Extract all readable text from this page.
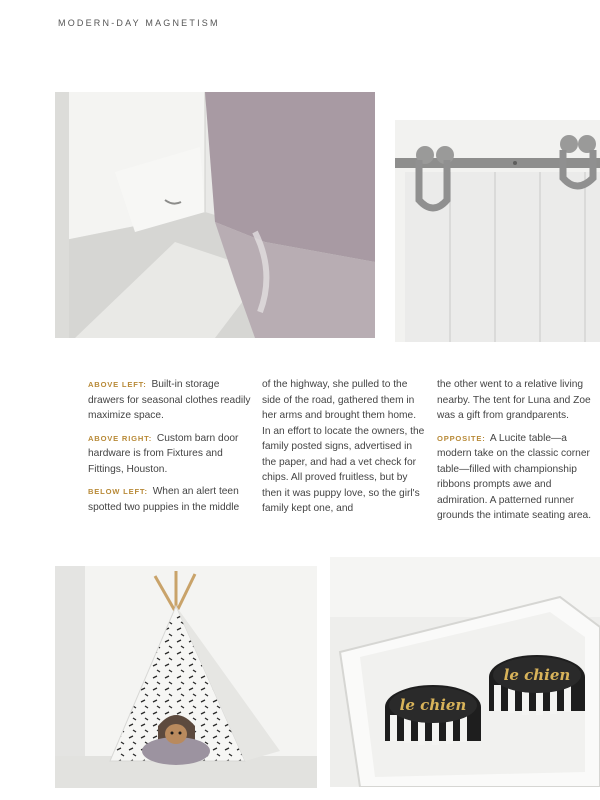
MODERN-DAY MAGNETISM

ABOVE LEFT: Built-in storage drawers for seasonal clothes readily maximize space.

ABOVE RIGHT: Custom barn door hardware is from Fixtures and Fittings, Houston.

BELOW LEFT: When an alert teen spotted two puppies in the middle

of the highway, she pulled to the side of the road, gathered them in her arms and brought them home. In an effort to locate the owners, the family posted signs, advertised in the paper, and had a vet check for chips. All proved fruitless, but by then it was puppy love, so the girl's family kept one, and

the other went to a relative living nearby. The tent for Luna and Zoe was a gift from grandparents.

OPPOSITE: A Lucite table—a modern take on the classic corner table—filled with championship ribbons prompts awe and admiration. A patterned runner grounds the intimate seating area.

le chien
le chien
